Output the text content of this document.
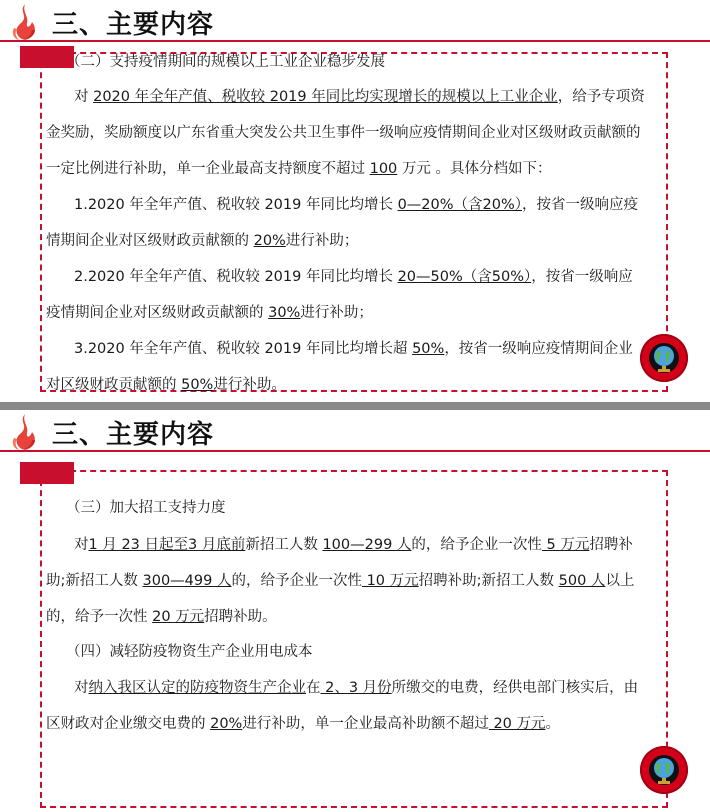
三、主要内容

（二）支持疫情期间的规模以上工业企业稳步发展

对 2020 年全年产值、税收较 2019 年同比均实现增长的规模以上工业企业，给予专项资金奖励，奖励额度以广东省重大突发公共卫生事件一级响应疫情期间企业对区级财政贡献额的一定比例进行补助，单一企业最高支持额度不超过 100 万元 。具体分档如下：

1.2020 年全年产值、税收较 2019 年同比均增长 0—20%（含20%），按省一级响应疫情期间企业对区级财政贡献额的 20%进行补助；

2.2020 年全年产值、税收较 2019 年同比均增长 20—50%（含50%），按省一级响应疫情期间企业对区级财政贡献额的 30%进行补助；

3.2020 年全年产值、税收较 2019 年同比均增长超 50%，按省一级响应疫情期间企业对区级财政贡献额的 50%进行补助。

三、主要内容

（三）加大招工支持力度

对1 月 23 日起至3 月底前新招工人数 100—299 人的，给予企业一次性 5 万元招聘补助;新招工人数 300—499 人的，给予企业一次性 10 万元招聘补助;新招工人数 500 人以上的，给予一次性 20 万元招聘补助。

（四）减轻防疫物资生产企业用电成本

对纳入我区认定的防疫物资生产企业在 2、3 月份所缴交的电费，经供电部门核实后，由区财政对企业缴交电费的 20%进行补助，单一企业最高补助额不超过 20 万元。
